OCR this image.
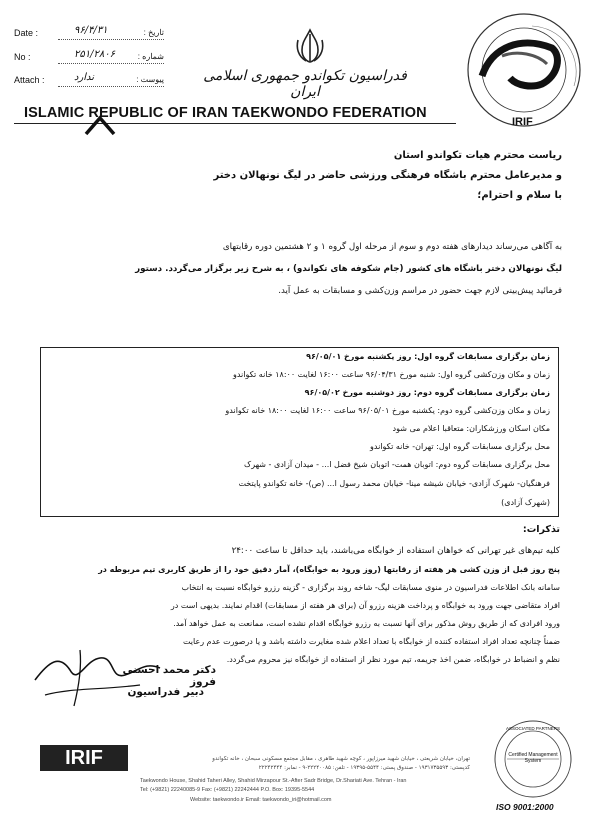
Date :	۹۶/۴/۳۱	تاریخ :
No :	۲۵۱/۲۸۰۶	شماره :
Attach :	ندارد	پیوست :	فدراسیون تکواندو جمهوری اسلامی ایران
IRIF
ISLAMIC REPUBLIC OF IRAN TAEKWONDO FEDERATION
ریاست محترم هیات تکواندو استان
و مدیرعامل محترم باشگاه فرهنگی ورزشی حاضر در لیگ نونهالان دختر
با سلام و احترام؛
به آگاهی می‌رساند دیدارهای هفته دوم و سوم از مرحله اول گروه ۱ و ۲ هشتمین دوره رقابتهای
لیگ نونهالان دختر باشگاه های کشور (جام شکوفه های تکواندو) ، به شرح زیر برگزار می‌گردد. دستور
فرمائید پیش‌بینی لازم جهت حضور در مراسم وزن‌کشی و مسابقات به عمل آید.
زمان برگزاری مسابقات گروه اول: روز یکشنبه مورخ ۹۶/۰۵/۰۱
زمان و مکان وزن‌کشی گروه اول: شنبه مورخ ۹۶/۰۴/۳۱ ساعت ۱۶:۰۰ لغایت ۱۸:۰۰ خانه تکواندو
زمان برگزاری مسابقات گروه دوم: روز دوشنبه مورخ ۹۶/۰۵/۰۲
زمان و مکان وزن‌کشی گروه دوم: یکشنبه مورخ ۹۶/۰۵/۰۱ ساعت ۱۶:۰۰ لغایت ۱۸:۰۰ خانه تکواندو
مکان اسکان ورزشکاران: متعاقبا اعلام می شود
محل برگزاری مسابقات گروه اول: تهران- خانه تکواندو
محل برگزاری مسابقات گروه دوم: اتوبان همت- اتوبان شیخ فضل ا... - میدان آزادی - شهرک
فرهنگیان- شهرک آزادی- خیابان شیشه مینا- خیابان محمد رسول ا... (ص)- خانه تکواندو پایتخت
(شهرک آزادی)
تذکرات:
کلیه تیم‌های غیر تهرانی که خواهان استفاده از خوابگاه می‌باشند، باید حداقل تا ساعت ۲۴:۰۰
پنج روز قبل از وزن کشی هر هفته از رقابتها (روز ورود به خوابگاه)، آمار دقیق خود را از طریق کاربری تیم مربوطه در
سامانه بانک اطلاعات فدراسیون در منوی مسابقات لیگ- شاخه روند برگزاری - گزینه رزرو خوابگاه نسبت به انتخاب
افراد متقاضی جهت ورود به خوابگاه و پرداخت هزینه رزرو آن (برای هر هفته از مسابقات) اقدام نمایند. بدیهی است در
ورود افرادی که از طریق روش مذکور برای آنها نسبت به رزرو خوابگاه اقدام نشده است، ممانعت به عمل خواهد آمد.
ضمناً چنانچه تعداد افراد استفاده کننده از خوابگاه با تعداد اعلام شده مغایرت داشته باشد و یا درصورت عدم رعایت
نظم و انضباط در خوابگاه، ضمن اخذ جریمه، تیم مورد نظر از استفاده از خوابگاه نیز محروم می‌گردد.
دکتر محمد احسنی فروز
دبیر فدراسیون
IRIF	تهران، خیابان شریعتی ، خیابان شهید میرزاپور ، کوچه شهید طاهری ، مقابل مجتمع مسکونی سبحان ، خانه تکواندو
کدپستی: ۱۹۳۱۷۳۵۵۹۳ - صندوق پستی: ۵۵۴۴-۱۹۳۹۵ - تلفن: ۲۲۲۴۰۰۸۵-۹ - نمابر: ۲۲۲۴۲۴۴۴
Taekwondo House, Shahid Taheri Alley, Shahid Mirzapour St.-After Sadr Bridge, Dr.Shariati Ave. Tehran - Iran
Tel: (+9821) 22240085-9 Fax: (+9821) 22242444 P.O. Box: 19395-5544
Website: taekwondo.ir Email: taekwondo_iri@hotmail.com
ASSOCIATED PARTNERS
Certified Management System
ISO 9001:2000
